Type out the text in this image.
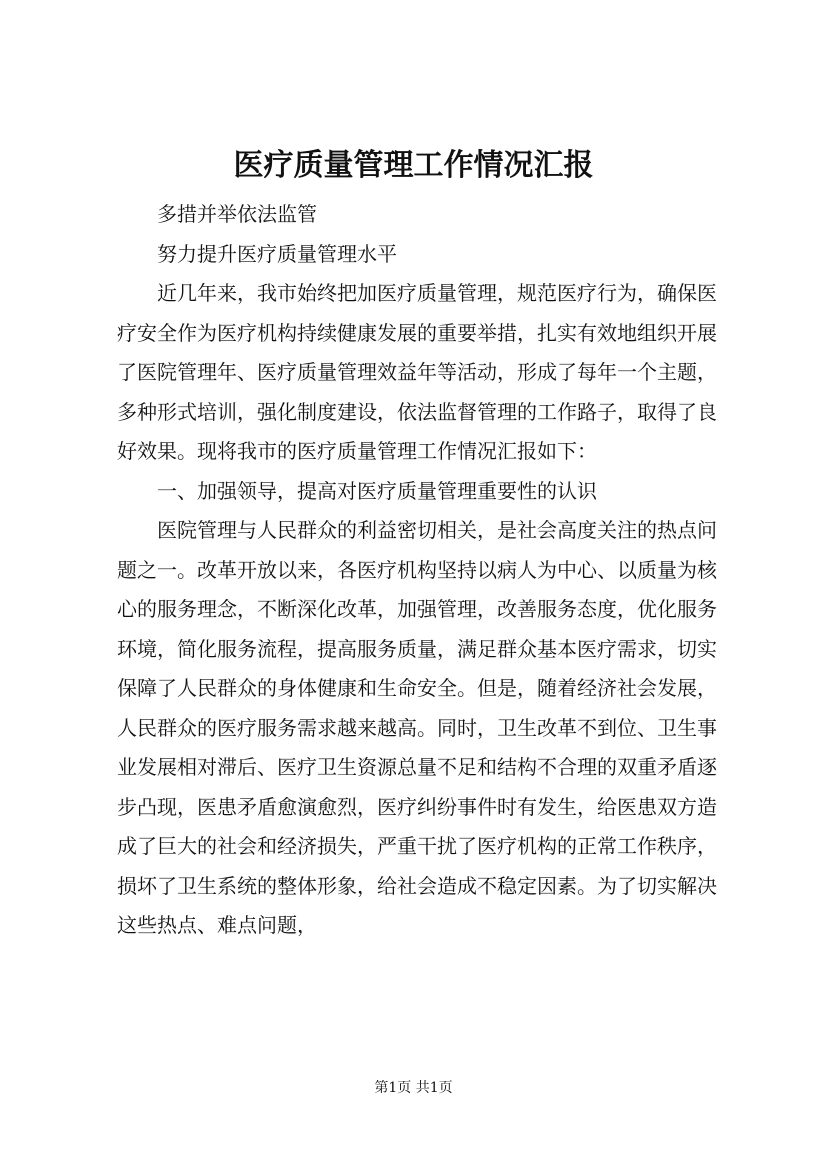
医疗质量管理工作情况汇报

多措并举依法监管

努力提升医疗质量管理水平

近几年来，我市始终把加医疗质量管理，规范医疗行为，确保医疗安全作为医疗机构持续健康发展的重要举措，扎实有效地组织开展了医院管理年、医疗质量管理效益年等活动，形成了每年一个主题，多种形式培训，强化制度建设，依法监督管理的工作路子，取得了良好效果。现将我市的医疗质量管理工作情况汇报如下：

一、加强领导，提高对医疗质量管理重要性的认识

医院管理与人民群众的利益密切相关，是社会高度关注的热点问题之一。改革开放以来，各医疗机构坚持以病人为中心、以质量为核心的服务理念，不断深化改革，加强管理，改善服务态度，优化服务环境，简化服务流程，提高服务质量，满足群众基本医疗需求，切实保障了人民群众的身体健康和生命安全。但是，随着经济社会发展，人民群众的医疗服务需求越来越高。同时，卫生改革不到位、卫生事业发展相对滞后、医疗卫生资源总量不足和结构不合理的双重矛盾逐步凸现，医患矛盾愈演愈烈，医疗纠纷事件时有发生，给医患双方造成了巨大的社会和经济损失，严重干扰了医疗机构的正常工作秩序，损坏了卫生系统的整体形象，给社会造成不稳定因素。为了切实解决这些热点、难点问题，

第1页 共1页
